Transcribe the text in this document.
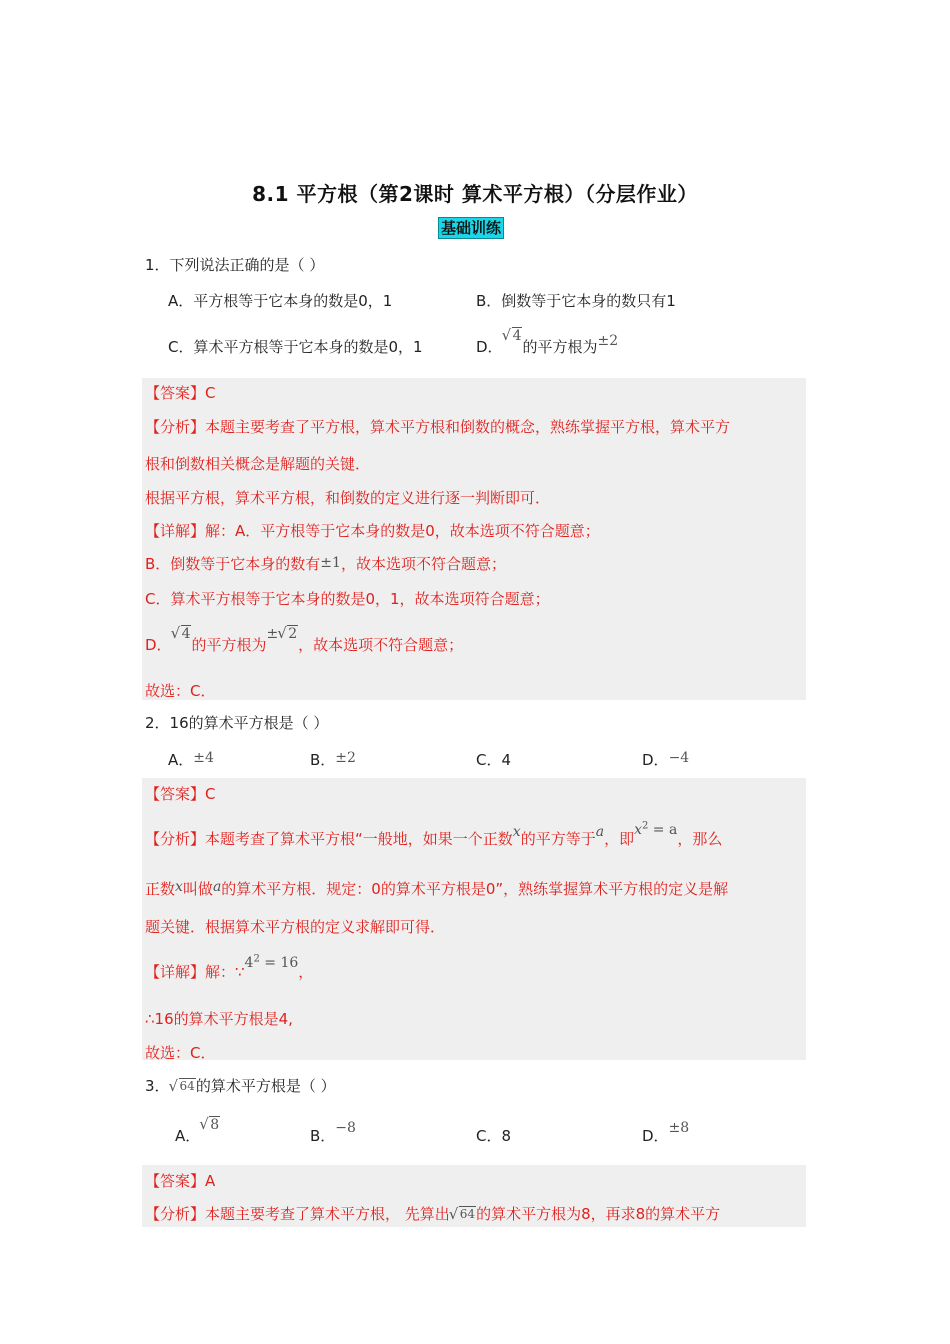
8.1 平方根（第2课时 算术平方根）（分层作业）
基础训练
1．下列说法正确的是（ ）
A．平方根等于它本身的数是0，1	B．倒数等于它本身的数只有1
C．算术平方根等于它本身的数是0，1	D．√ 4的平方根为±2
【答案】C
【分析】本题主要考查了平方根，算术平方根和倒数的概念，熟练掌握平方根，算术平方
根和倒数相关概念是解题的关键．
根据平方根，算术平方根，和倒数的定义进行逐一判断即可．
【详解】解：A．平方根等于它本身的数是0，故本选项不符合题意；
B．倒数等于它本身的数有±1，故本选项不符合题意；
C．算术平方根等于它本身的数是0，1，故本选项符合题意；
D．√ 4的平方根为± √ 2，故本选项不符合题意；
故选：C．
2．16的算术平方根是（ ）
A．±4	B．±2	C．4	D．−4
【答案】C
【分析】本题考查了算术平方根“一般地，如果一个正数x的平方等于a，即$x^2 = a$，那么
正数x叫做a的算术平方根．规定：0的算术平方根是0”，熟练掌握算术平方根的定义是解
题关键．根据算术平方根的定义求解即可得．
【详解】解：$\because 4^2 = 16$，
∴16的算术平方根是4,
故选：C．
3． √ 64的算术平方根是（ ）
A．√ 8
B．−8	C．8	D．±8
【答案】A
【分析】本题主要考查了算术平方根， 先算出 √ 64的算术平方根为8，再求8的算术平方
